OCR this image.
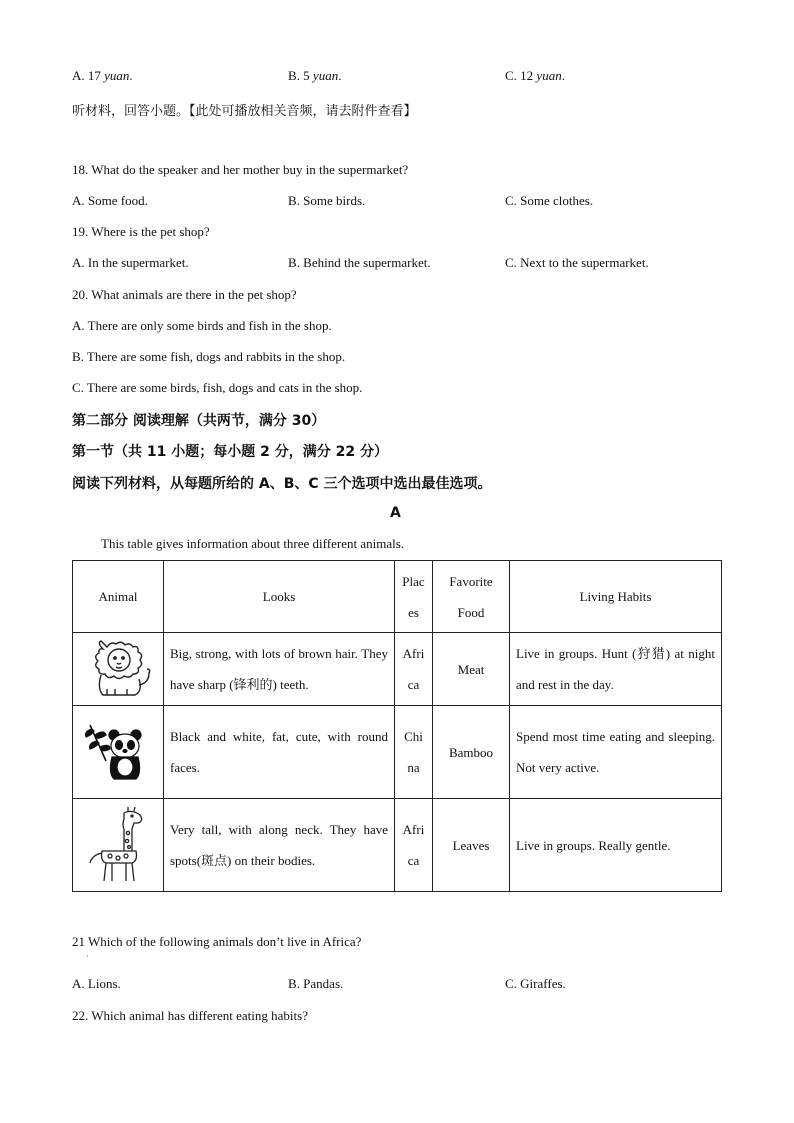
A. 17 yuan.	B. 5 yuan.	C. 12 yuan.
听材料，回答小题。【此处可播放相关音频，请去附件查看】
18. What do the speaker and her mother buy in the supermarket?
A. Some food.	B. Some birds.	C. Some clothes.
19. Where is the pet shop?
A. In the supermarket.	B. Behind the supermarket.	C. Next to the supermarket.
20. What animals are there in the pet shop?
A. There are only some birds and fish in the shop.
B. There are some fish, dogs and rabbits in the shop.
C. There are some birds, fish, dogs and cats in the shop.
第二部分 阅读理解（共两节，满分 30）
第一节（共 11 小题；每小题 2 分，满分 22 分）
阅读下列材料，从每题所给的 A、B、C 三个选项中选出最佳选项。
A
This table gives information about three different animals.
Animal	Looks	Places	Favorite Food	Living Habits

	Big, strong, with lots of brown hair. They have sharp (锋利的) teeth.	Africa	Meat	Live in groups. Hunt (狩猎) at night and rest in the day.

	Black and white, fat, cute, with round faces.	China	Bamboo	Spend most time eating and sleeping. Not very active.

	Very tall, with along neck. They have spots(斑点) on their bodies.	Africa	Leaves	Live in groups. Really gentle.
21 Which of the following animals don’t live in Africa?
·
A. Lions.	B. Pandas.	C. Giraffes.
22. Which animal has different eating habits?
